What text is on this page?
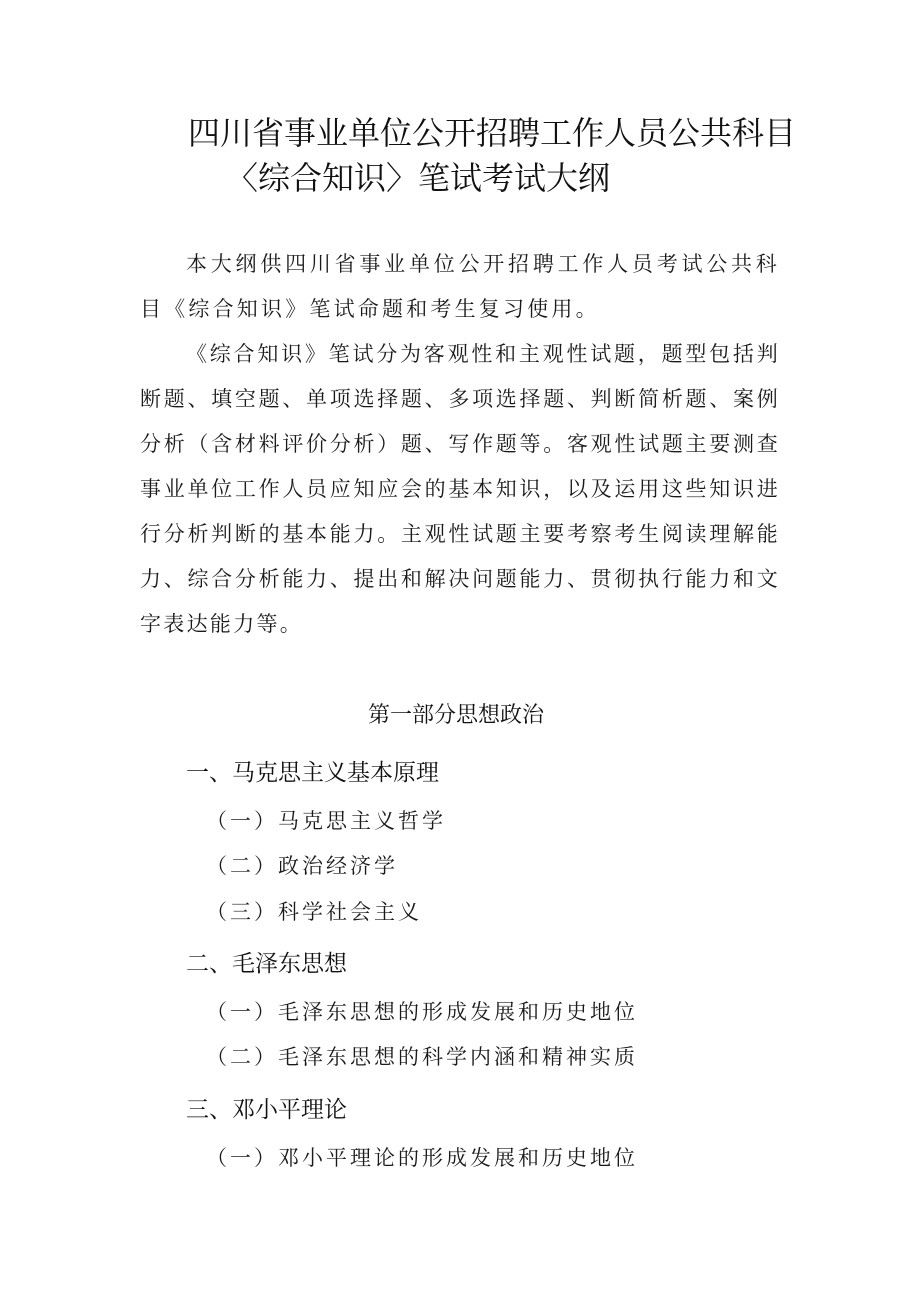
四川省事业单位公开招聘工作人员公共科目
〈综合知识〉笔试考试大纲

本大纲供四川省事业单位公开招聘工作人员考试公共科目《综合知识》笔试命题和考生复习使用。

《综合知识》笔试分为客观性和主观性试题，题型包括判断题、填空题、单项选择题、多项选择题、判断简析题、案例分析（含材料评价分析）题、写作题等。客观性试题主要测查事业单位工作人员应知应会的基本知识，以及运用这些知识进行分析判断的基本能力。主观性试题主要考察考生阅读理解能力、综合分析能力、提出和解决问题能力、贯彻执行能力和文字表达能力等。

第一部分思想政治
一、马克思主义基本原理
（一）马克思主义哲学
（二）政治经济学
（三）科学社会主义
二、毛泽东思想
（一）毛泽东思想的形成发展和历史地位
（二）毛泽东思想的科学内涵和精神实质
三、邓小平理论
（一）邓小平理论的形成发展和历史地位
